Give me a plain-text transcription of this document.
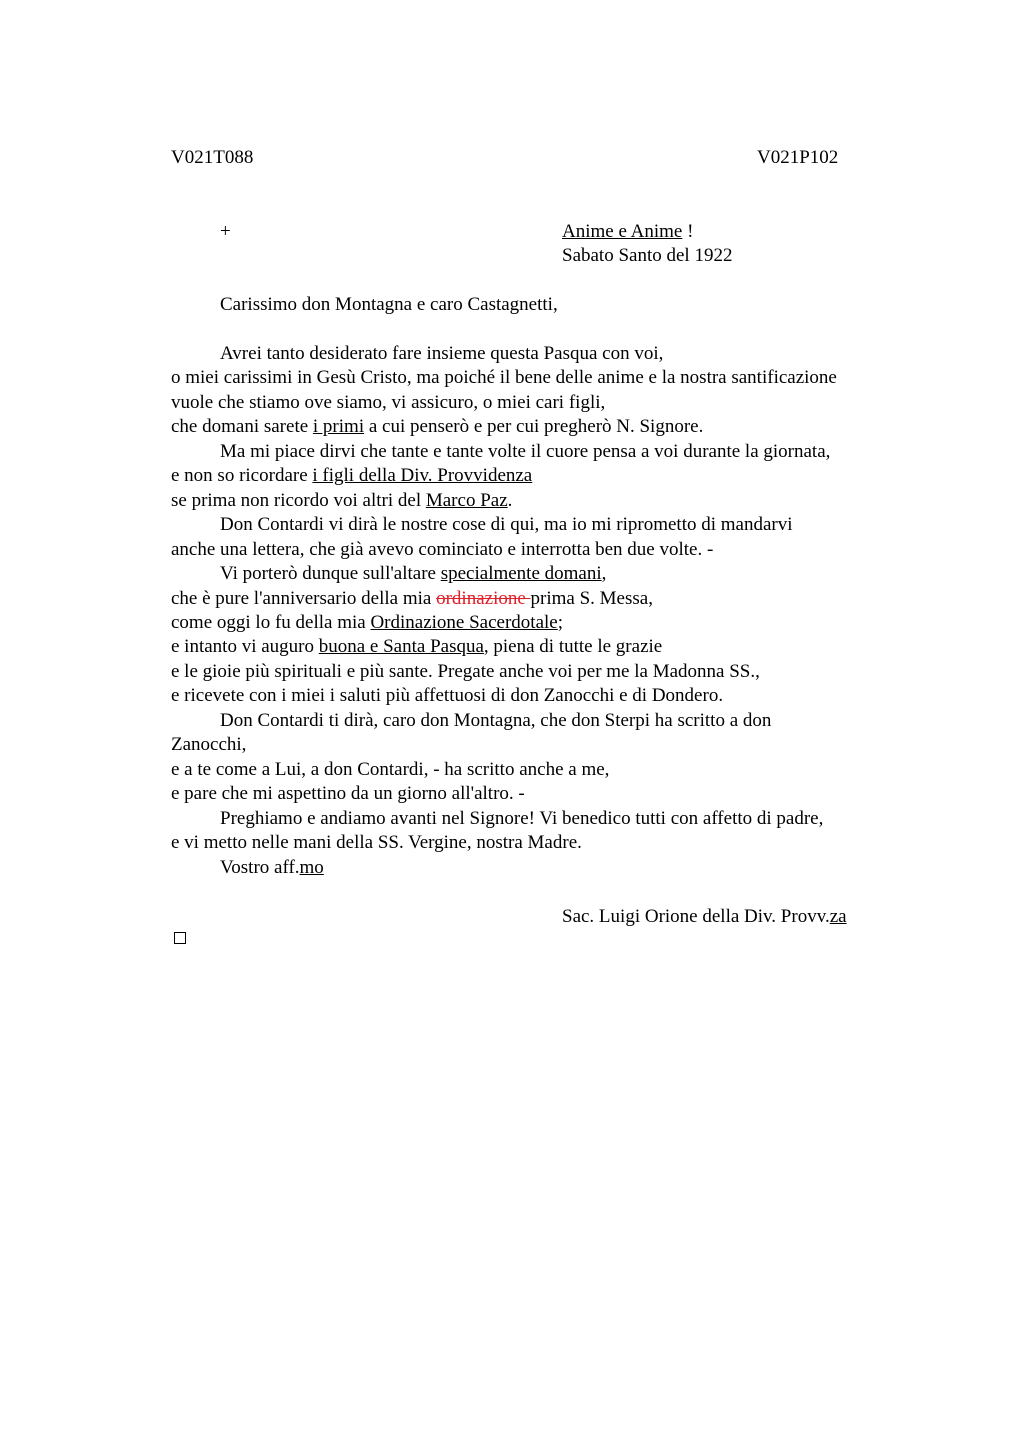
V021T088	V021P102
+	Anime e Anime !
Sabato Santo del 1922
Carissimo don Montagna e caro Castagnetti,
Avrei tanto desiderato fare insieme questa Pasqua con voi,
o miei carissimi in Gesù Cristo, ma poiché il bene delle anime e la nostra santificazione
vuole che stiamo ove siamo, vi assicuro, o miei cari figli,
che domani sarete i primi a cui penserò e per cui pregherò N. Signore.
Ma mi piace dirvi che tante e tante volte il cuore pensa a voi durante la giornata,
e non so ricordare i figli della Div. Provvidenza
se prima non ricordo voi altri del Marco Paz.
Don Contardi vi dirà le nostre cose di qui, ma io mi riprometto di mandarvi
anche una lettera, che già avevo cominciato e interrotta ben due volte. -
Vi porterò dunque sull'altare specialmente domani,
che è pure l'anniversario della mia ordinazione prima S. Messa,
come oggi lo fu della mia Ordinazione Sacerdotale;
e intanto vi auguro buona e Santa Pasqua, piena di tutte le grazie
e le gioie più spirituali e più sante. Pregate anche voi per me la Madonna SS.,
e ricevete con i miei i saluti più affettuosi di don Zanocchi e di Dondero.
Don Contardi ti dirà, caro don Montagna, che don Sterpi ha scritto a don
Zanocchi,
e a te come a Lui, a don Contardi, - ha scritto anche a me,
e pare che mi aspettino da un giorno all'altro. -
Preghiamo e andiamo avanti nel Signore! Vi benedico tutti con affetto di padre,
e vi metto nelle mani della SS. Vergine, nostra Madre.
Vostro aff.mo
Sac. Luigi Orione della Div. Provv.za
